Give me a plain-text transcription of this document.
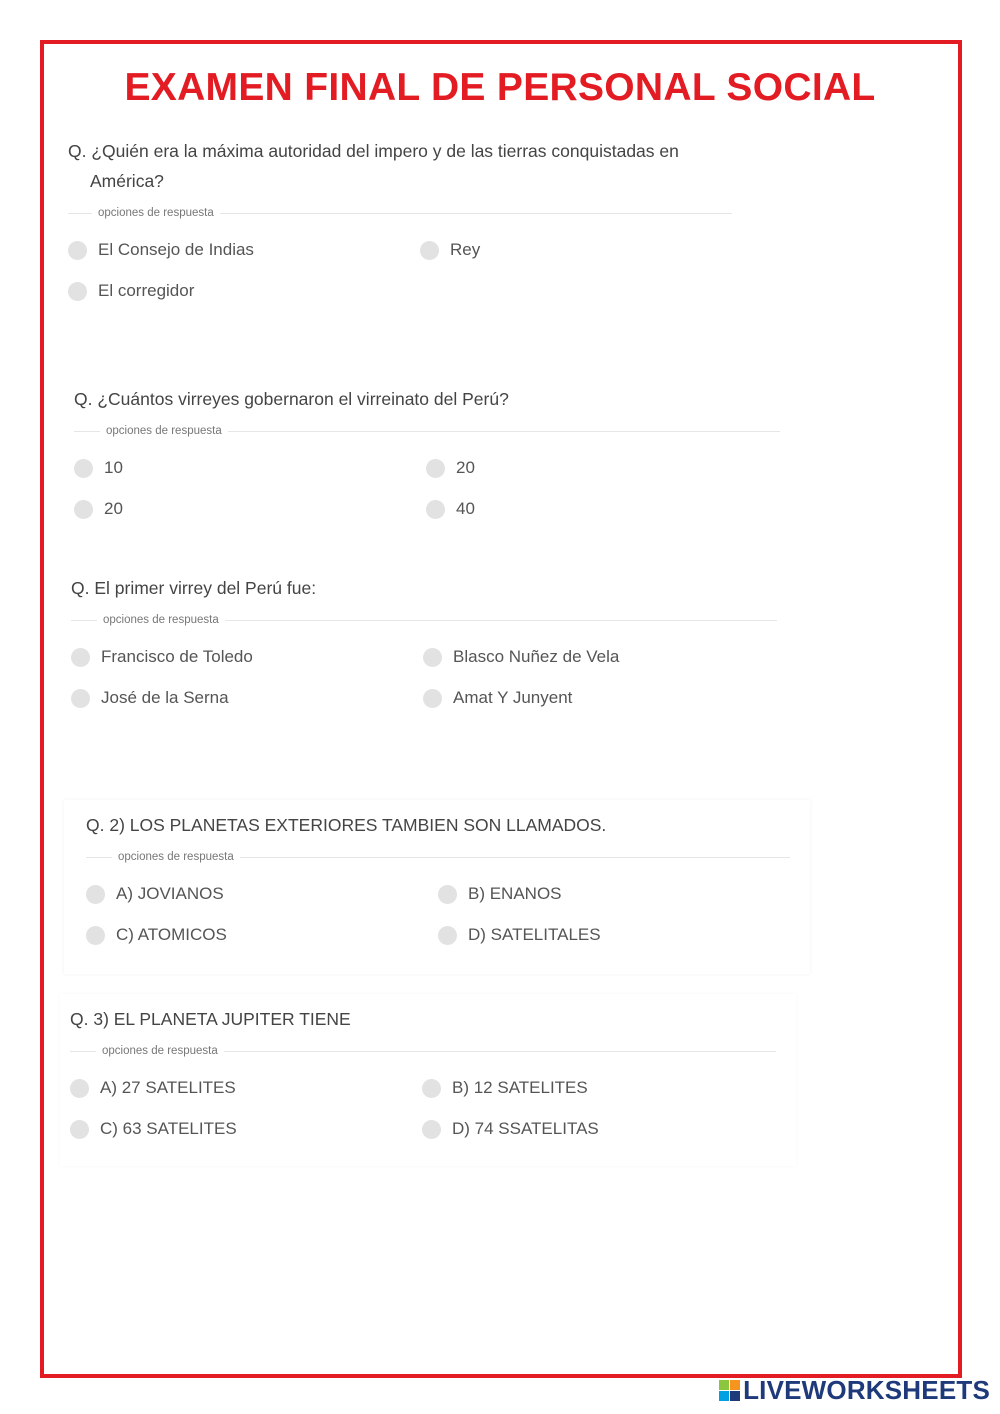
EXAMEN FINAL DE PERSONAL SOCIAL
Q. ¿Quién era la máxima autoridad del impero y de las tierras conquistadas en
América?
opciones de respuesta
El Consejo de Indias	Rey
El corregidor
Q. ¿Cuántos virreyes gobernaron el virreinato del Perú?
opciones de respuesta
10	20
20	40
Q. El primer virrey del Perú fue:
opciones de respuesta
Francisco de Toledo	Blasco Nuñez de Vela
José de la Serna	Amat Y Junyent
Q. 2) LOS PLANETAS EXTERIORES TAMBIEN SON LLAMADOS.
opciones de respuesta
A) JOVIANOS	B) ENANOS
C) ATOMICOS	D) SATELITALES
Q. 3) EL PLANETA JUPITER TIENE
opciones de respuesta
A) 27 SATELITES	B) 12 SATELITES
C) 63 SATELITES	D) 74 SSATELITAS
LIVEWORKSHEETS
